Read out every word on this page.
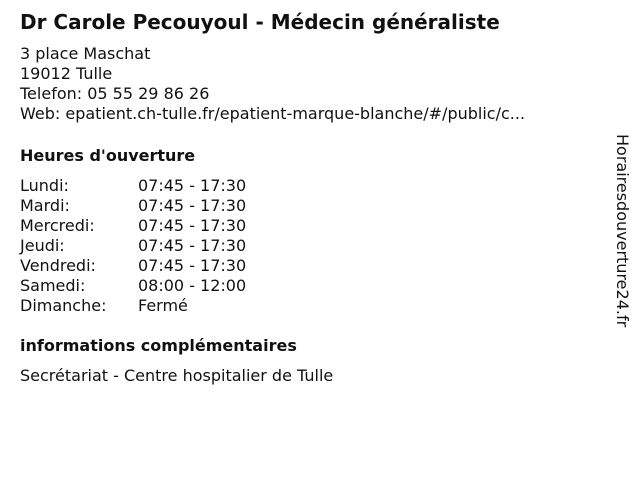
Dr Carole Pecouyoul - Médecin généraliste
3 place Maschat
19012 Tulle
Telefon: 05 55 29 86 26
Web: epatient.ch-tulle.fr/epatient-marque-blanche/#/public/c...
Heures d'ouverture
Lundi:	07:45 - 17:30
Mardi:	07:45 - 17:30
Mercredi:	07:45 - 17:30
Jeudi:	07:45 - 17:30
Vendredi:	07:45 - 17:30
Samedi:	08:00 - 12:00
Dimanche:	Fermé
informations complémentaires
Secrétariat - Centre hospitalier de Tulle
Horairesdouverture24.fr
